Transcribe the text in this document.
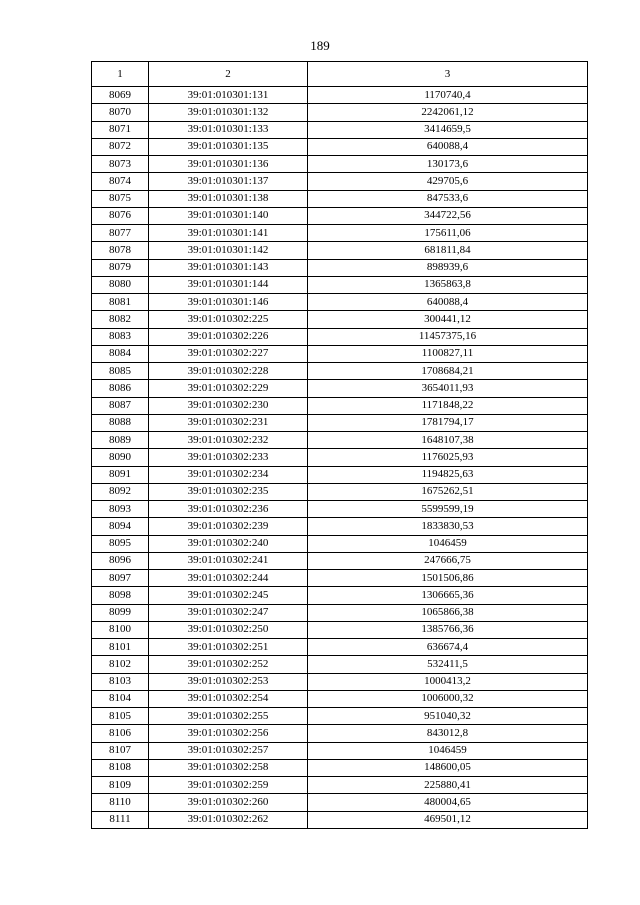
189
1	2	3
8069	39:01:010301:131	1170740,4
8070	39:01:010301:132	2242061,12
8071	39:01:010301:133	3414659,5
8072	39:01:010301:135	640088,4
8073	39:01:010301:136	130173,6
8074	39:01:010301:137	429705,6
8075	39:01:010301:138	847533,6
8076	39:01:010301:140	344722,56
8077	39:01:010301:141	175611,06
8078	39:01:010301:142	681811,84
8079	39:01:010301:143	898939,6
8080	39:01:010301:144	1365863,8
8081	39:01:010301:146	640088,4
8082	39:01:010302:225	300441,12
8083	39:01:010302:226	11457375,16
8084	39:01:010302:227	1100827,11
8085	39:01:010302:228	1708684,21
8086	39:01:010302:229	3654011,93
8087	39:01:010302:230	1171848,22
8088	39:01:010302:231	1781794,17
8089	39:01:010302:232	1648107,38
8090	39:01:010302:233	1176025,93
8091	39:01:010302:234	1194825,63
8092	39:01:010302:235	1675262,51
8093	39:01:010302:236	5599599,19
8094	39:01:010302:239	1833830,53
8095	39:01:010302:240	1046459
8096	39:01:010302:241	247666,75
8097	39:01:010302:244	1501506,86
8098	39:01:010302:245	1306665,36
8099	39:01:010302:247	1065866,38
8100	39:01:010302:250	1385766,36
8101	39:01:010302:251	636674,4
8102	39:01:010302:252	532411,5
8103	39:01:010302:253	1000413,2
8104	39:01:010302:254	1006000,32
8105	39:01:010302:255	951040,32
8106	39:01:010302:256	843012,8
8107	39:01:010302:257	1046459
8108	39:01:010302:258	148600,05
8109	39:01:010302:259	225880,41
8110	39:01:010302:260	480004,65
8111	39:01:010302:262	469501,12
